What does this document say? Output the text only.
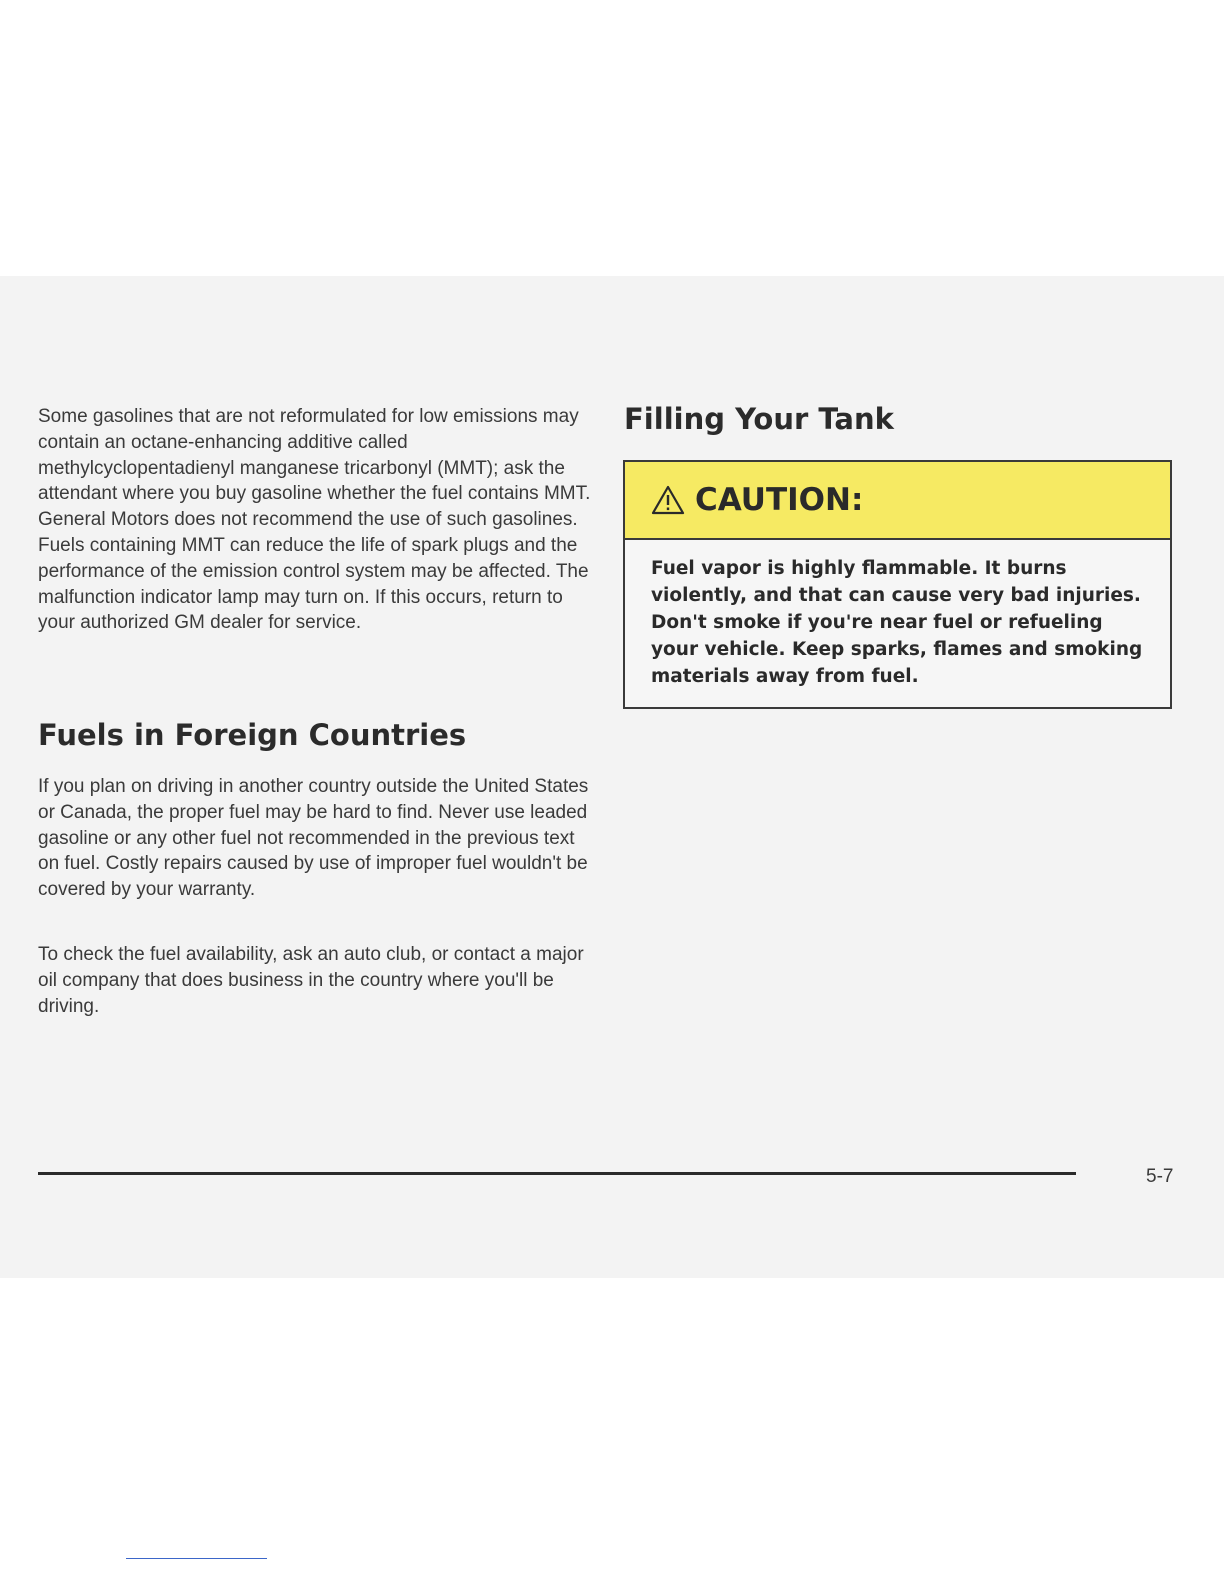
Some gasolines that are not reformulated for low emissions may contain an octane-enhancing additive called methylcyclopentadienyl manganese tricarbonyl (MMT); ask the attendant where you buy gasoline whether the fuel contains MMT. General Motors does not recommend the use of such gasolines. Fuels containing MMT can reduce the life of spark plugs and the performance of the emission control system may be affected. The malfunction indicator lamp may turn on. If this occurs, return to your authorized GM dealer for service.

Fuels in Foreign Countries

If you plan on driving in another country outside the United States or Canada, the proper fuel may be hard to find. Never use leaded gasoline or any other fuel not recommended in the previous text on fuel. Costly repairs caused by use of improper fuel wouldn't be covered by your warranty.

To check the fuel availability, ask an auto club, or contact a major oil company that does business in the country where you'll be driving.

Filling Your Tank
CAUTION:
Fuel vapor is highly flammable. It burns violently, and that can cause very bad injuries. Don't smoke if you're near fuel or refueling your vehicle. Keep sparks, flames and smoking materials away from fuel.
5-7
